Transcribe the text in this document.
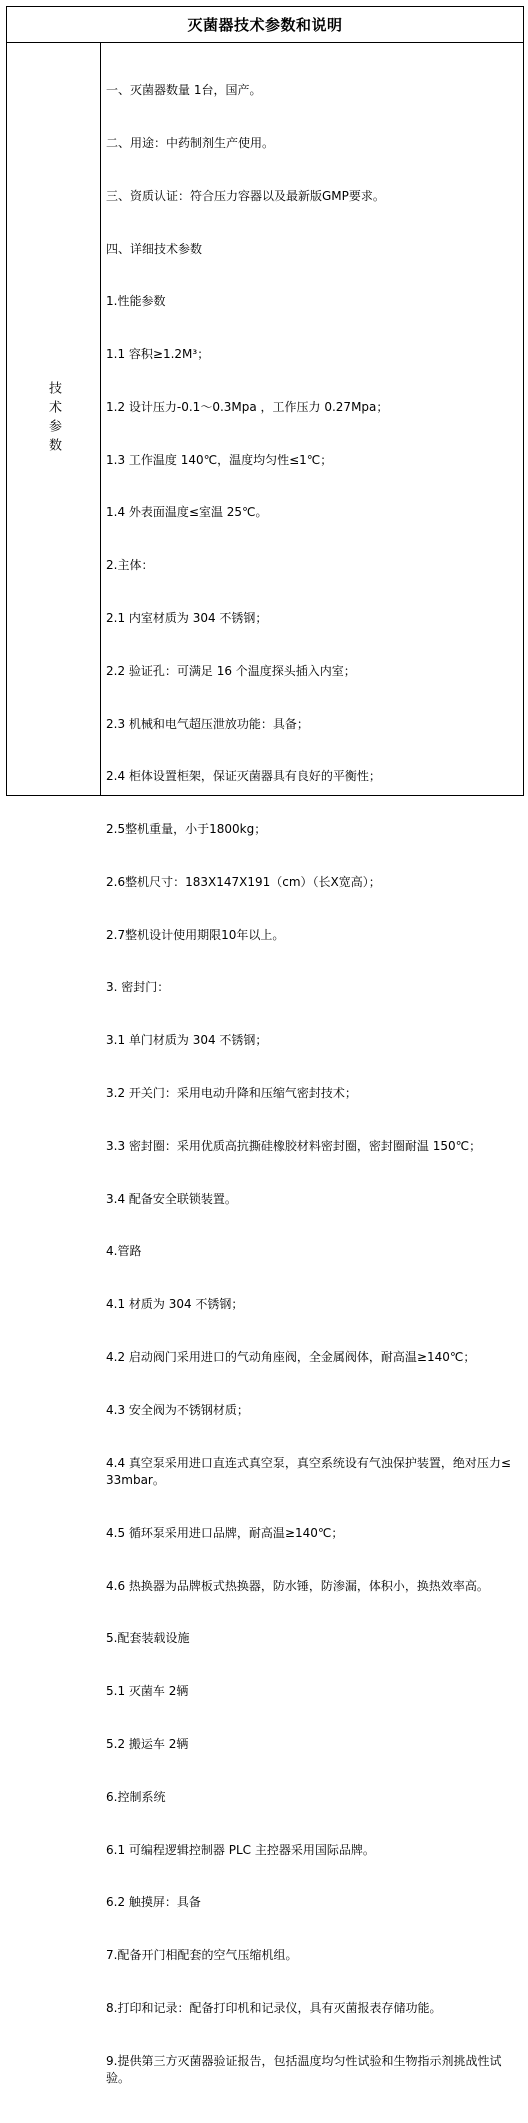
灭菌器技术参数和说明
技术参数

一、灭菌器数量 1台，国产。

二、用途：中药制剂生产使用。

三、资质认证：符合压力容器以及最新版GMP要求。

四、详细技术参数

1.性能参数

1.1 容积≥1.2M³；

1.2 设计压力-0.1～0.3Mpa ，工作压力 0.27Mpa；

1.3 工作温度 140℃，温度均匀性≤1℃；

1.4 外表面温度≤室温 25℃。

2.主体：

2.1 内室材质为 304 不锈钢；

2.2 验证孔：可满足 16 个温度探头插入内室；

2.3 机械和电气超压泄放功能：具备；

2.4 柜体设置柜架，保证灭菌器具有良好的平衡性；

2.5整机重量，小于1800kg；

2.6整机尺寸：183X147X191（cm）（长X宽高）；

2.7整机设计使用期限10年以上。

3. 密封门：

3.1 单门材质为 304 不锈钢；

3.2 开关门：采用电动升降和压缩气密封技术；

3.3 密封圈：采用优质高抗撕硅橡胶材料密封圈，密封圈耐温 150℃；

3.4 配备安全联锁装置。

4.管路

4.1 材质为 304 不锈钢；

4.2 启动阀门采用进口的气动角座阀，全金属阀体，耐高温≥140℃；

4.3 安全阀为不锈钢材质；

4.4 真空泵采用进口直连式真空泵，真空系统设有气浊保护装置，绝对压力≤33mbar。

4.5 循环泵采用进口品牌，耐高温≥140℃；

4.6 热换器为品牌板式热换器，防水锤，防渗漏，体积小，换热效率高。

5.配套装载设施

5.1 灭菌车 2辆

5.2 搬运车 2辆

6.控制系统

6.1 可编程逻辑控制器 PLC 主控器采用国际品牌。

6.2 触摸屏：具备

7.配备开门相配套的空气压缩机组。

8.打印和记录：配备打印机和记录仪，具有灭菌报表存储功能。

9.提供第三方灭菌器验证报告，包括温度均匀性试验和生物指示剂挑战性试验。
